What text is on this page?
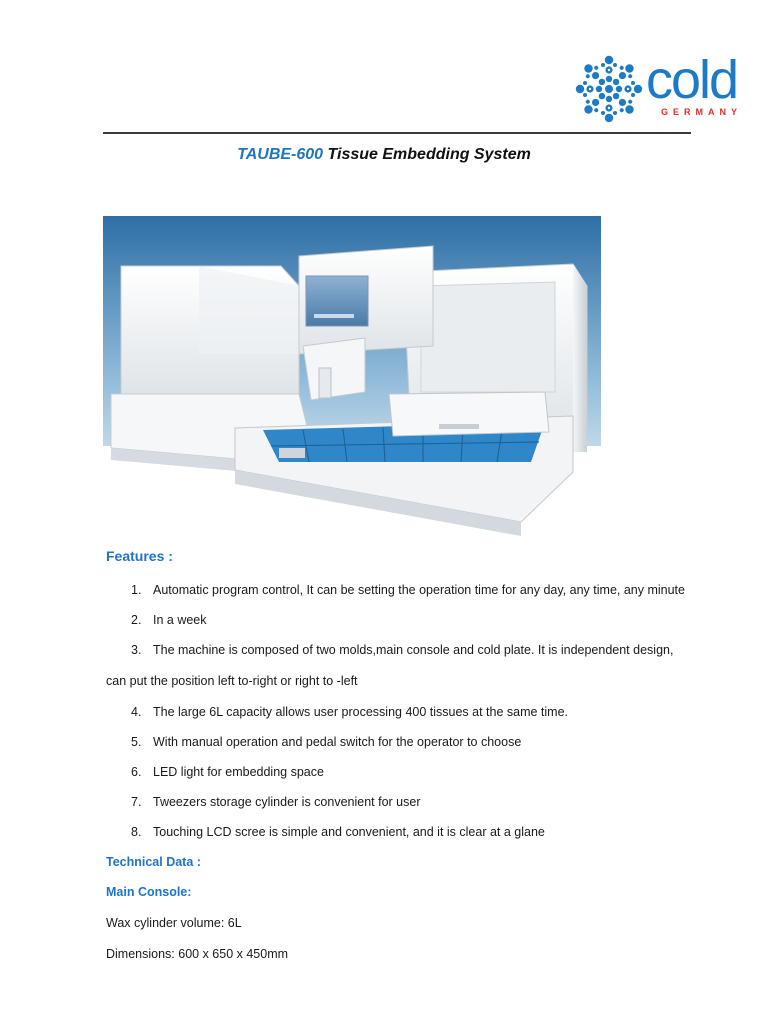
cold
GERMANY
TAUBE-600 Tissue Embedding System
Features :
1. Automatic program control, It can be setting the operation time for any day, any time, any minute
2. In a week
3. The machine is composed of two molds,main console and cold plate. It is independent design,
can put the position left to-right or right to -left
4. The large 6L capacity allows user processing 400 tissues at the same time.
5. With manual operation and pedal switch for the operator to choose
6. LED light for embedding space
7. Tweezers storage cylinder is convenient for user
8. Touching LCD scree is simple and convenient, and it is clear at a glane
Technical Data :
Main Console:
Wax cylinder volume: 6L
Dimensions: 600 x 650 x 450mm
